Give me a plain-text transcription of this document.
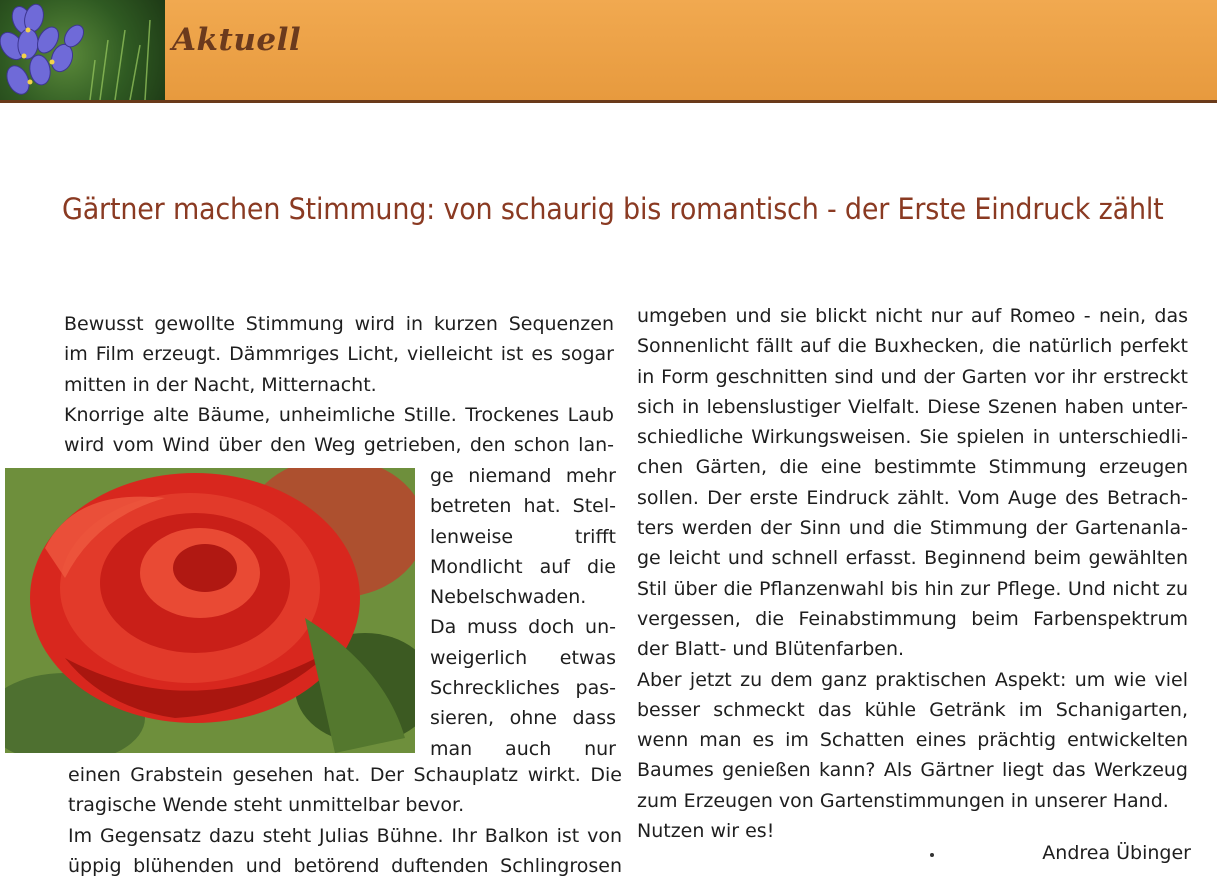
Aktuell
Gärtner machen Stimmung: von schaurig bis romantisch - der Erste Eindruck zählt

Bewusst gewollte Stimmung wird in kurzen Sequenzen

im Film erzeugt. Dämmriges Licht, vielleicht ist es sogar

mitten in der Nacht, Mitternacht.

Knorrige alte Bäume, unheimliche Stille. Trockenes Laub

wird vom Wind über den Weg getrieben, den schon lan-

ge niemand mehr

betreten hat. Stel-

lenweise trifft

Mondlicht auf die

Nebelschwaden.

Da muss doch un-

weigerlich etwas

Schreckliches pas-

sieren, ohne dass

man auch nur

einen Grabstein gesehen hat. Der Schauplatz wirkt. Die

tragische Wende steht unmittelbar bevor.

Im Gegensatz dazu steht Julias Bühne. Ihr Balkon ist von

üppig blühenden und betörend duftenden Schlingrosen

umgeben und sie blickt nicht nur auf Romeo - nein, das

Sonnenlicht fällt auf die Buxhecken, die natürlich perfekt

in Form geschnitten sind und der Garten vor ihr erstreckt

sich in lebenslustiger Vielfalt. Diese Szenen haben unter-

schiedliche Wirkungsweisen. Sie spielen in unterschiedli-

chen Gärten, die eine bestimmte Stimmung erzeugen

sollen. Der erste Eindruck zählt. Vom Auge des Betrach-

ters werden der Sinn und die Stimmung der Gartenanla-

ge leicht und schnell erfasst. Beginnend beim gewählten

Stil über die Pflanzenwahl bis hin zur Pflege. Und nicht zu

vergessen, die Feinabstimmung beim Farbenspektrum

der Blatt- und Blütenfarben.

Aber jetzt zu dem ganz praktischen Aspekt: um wie viel

besser schmeckt das kühle Getränk im Schanigarten,

wenn man es im Schatten eines prächtig entwickelten

Baumes genießen kann? Als Gärtner liegt das Werkzeug

zum Erzeugen von Gartenstimmungen in unserer Hand.

Nutzen wir es!

Andrea Übinger
